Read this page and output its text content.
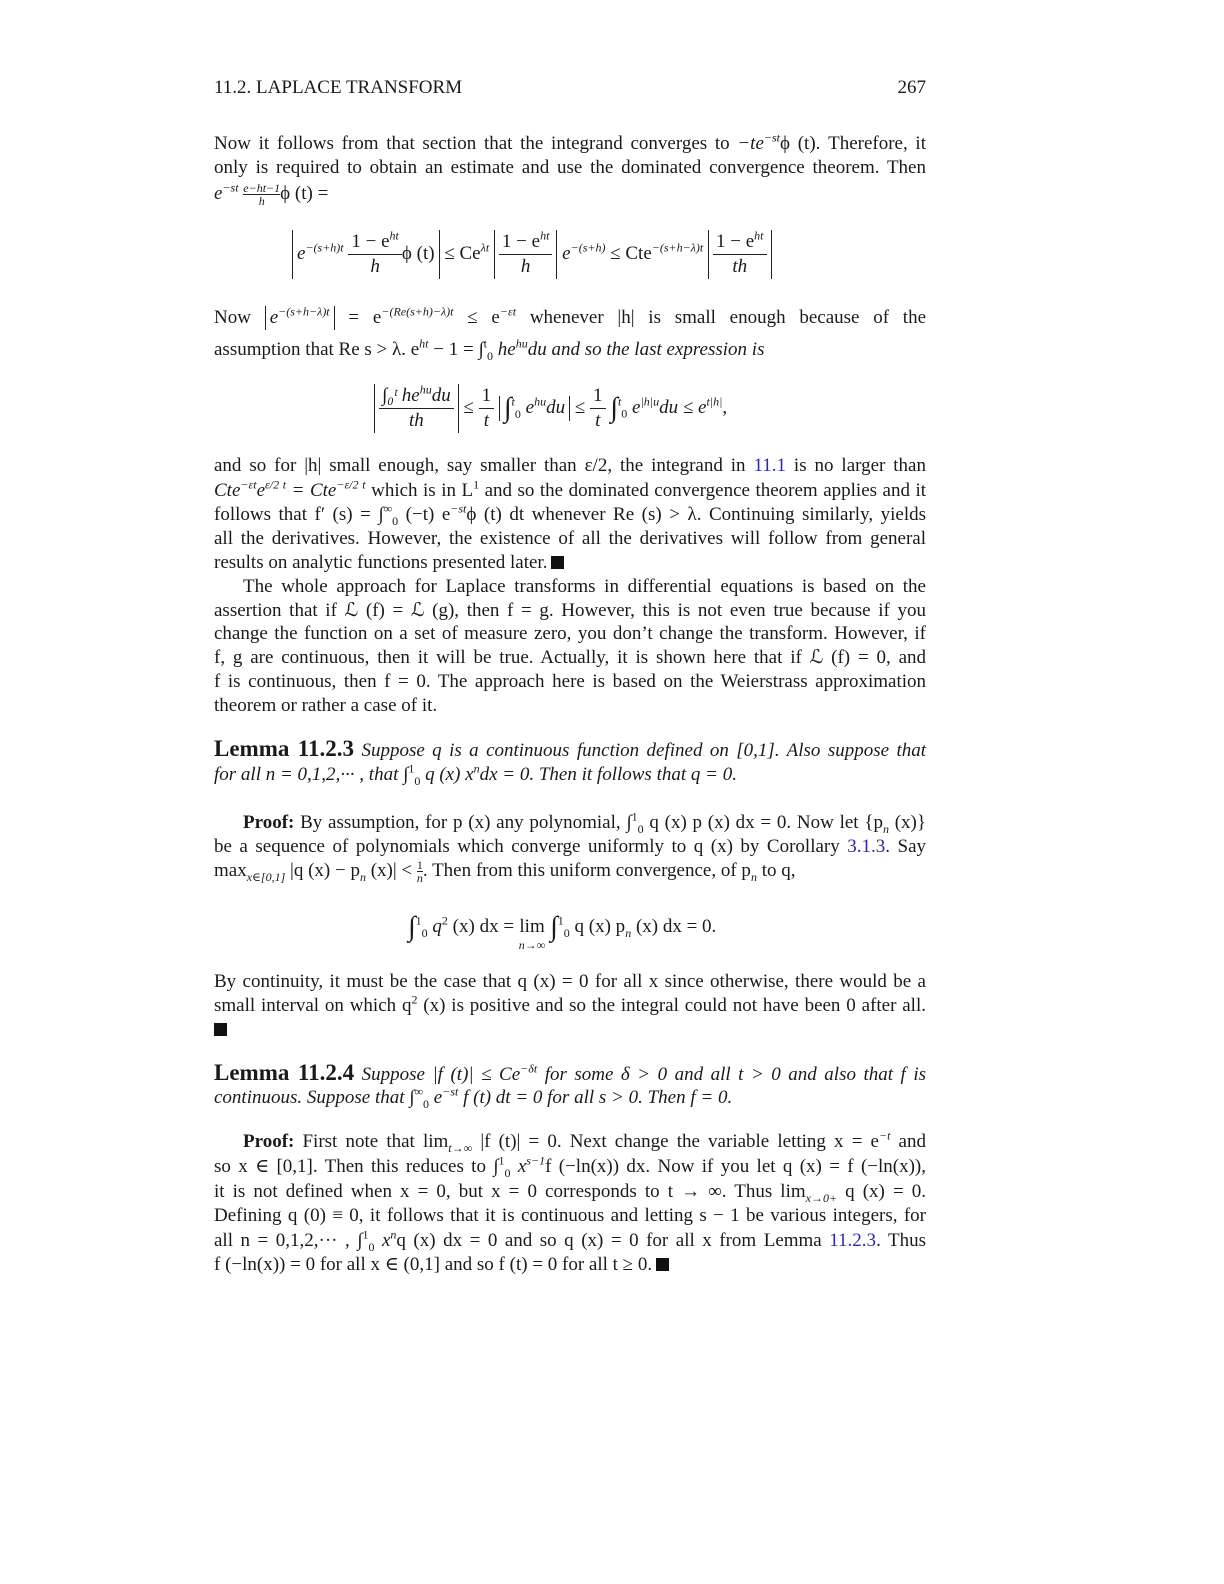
11.2. LAPLACE TRANSFORM	267
Now it follows from that section that the integrand converges to $-te^{-st}\phi$ (t). Therefore, it
only is required to obtain an estimate and use the dominated convergence theorem. Then
$e^{-st} \frac{e-ht-1}{h}\phi$ (t) =
$e^{-(s+h)t} \frac{1 - e^{ht}}{h}$ ϕ $(t) \le Ce^{\lambda t} \frac{1 - e^{ht}}{h} e^{-(s+h)} \le Cte^{-(s+h-\lambda)t} \frac{1 - e^{ht}}{th}$
Now $e^{-(s+h-\lambda)t} = e^{-(Re(s+h)-\lambda)t} \le e^{-\varepsilon t}$ whenever |h| is small enough because of the
assumption that Re s > λ. $e^{ht} - 1 = \int^t_0$ $he^{hu}du$ and so the last expression is
$\frac{\int_0ᵗ he^{hu}du}{th} \le \frac{1}{t} \int^t_0$ $e^{hu}du \le \frac{1}{t} \int^t_0$ $e^{|h|u}du \le e^{t|h|}$,
and so for |h| small enough, say smaller than ε/2, the integrand in 11.1 is no larger than
$Cte^{-\varepsilon t}e^{\varepsilon/2 t} = Cte^{-\varepsilon/2 t}$ which is in $L^1$ and so the dominated convergence theorem applies and it
follows that f′ $(s) = \int^\infty_0$ (−t) $e^{-st}\phi$ (t) dt whenever Re (s) > λ. Continuing similarly, yields
all the derivatives. However, the existence of all the derivatives will follow from general
results on analytic functions presented later.
The whole approach for Laplace transforms in differential equations is based on the
assertion that if ℒ (f) = ℒ (g), then f = g. However, this is not even true because if you
change the function on a set of measure zero, you don’t change the transform. However, if
f, g are continuous, then it will be true. Actually, it is shown here that if ℒ (f) = 0, and
f is continuous, then f = 0. The approach here is based on the Weierstrass approximation
theorem or rather a case of it.
Lemma 11.2.3 Suppose q is a continuous function defined on [0,1]. Also suppose that
for all n = 0,1,2,··· , that ∫$^1_0$ q (x) $x^ndx = 0$. Then it follows that q = 0.
Proof: By assumption, for p (x) any polynomial, ∫$^1_0$ q (x) p (x) dx = 0. Now let {$p_n$ (x)}
be a sequence of polynomials which converge uniformly to q (x) by Corollary 3.1.3. Say
$\max_{x\in[0,1]} |q$ $(x) - p_n$ $(x)| < \frac{1}{n}$. Then from this uniform convergence, of $p_n$ to q,
∫$^1_0$ $q^2$ (x) dx = lim
n→∞
∫$^1_0$ q (x) $p_n$ (x) dx = 0.
By continuity, it must be the case that q (x) = 0 for all x since otherwise, there would be a
small interval on which $q^2$ (x) is positive and so the integral could not have been 0 after all.
Lemma 11.2.4 Suppose |f $(t)| \le Ce^{-\delta t}$ for some δ > 0 and all t > 0 and also that f is
continuous. Suppose that $\int^\infty_0$ $e^{-st}$ f (t) dt = 0 for all s > 0. Then f = 0.
Proof: First note that $\lim_{t\to\infty} |f$ (t)| = 0. Next change the variable letting $x = e^{-t}$ and
so x ∈ [0,1]. Then this reduces to ∫$^1_0$ $x^{s-1}f$ (−ln(x)) dx. Now if you let q (x) = f (−ln(x)),
it is not defined when x = 0, but x = 0 corresponds to t → ∞. Thus $\lim_{x\to 0+} q$ (x) = 0.
Defining q (0) ≡ 0, it follows that it is continuous and letting s − 1 be various integers, for
all n = 0,1,2,··· , ∫$^1_0$ $x^nq$ (x) dx = 0 and so q (x) = 0 for all x from Lemma 11.2.3. Thus
f (−ln(x)) = 0 for all x ∈ (0,1] and so f (t) = 0 for all t ≥ 0.
